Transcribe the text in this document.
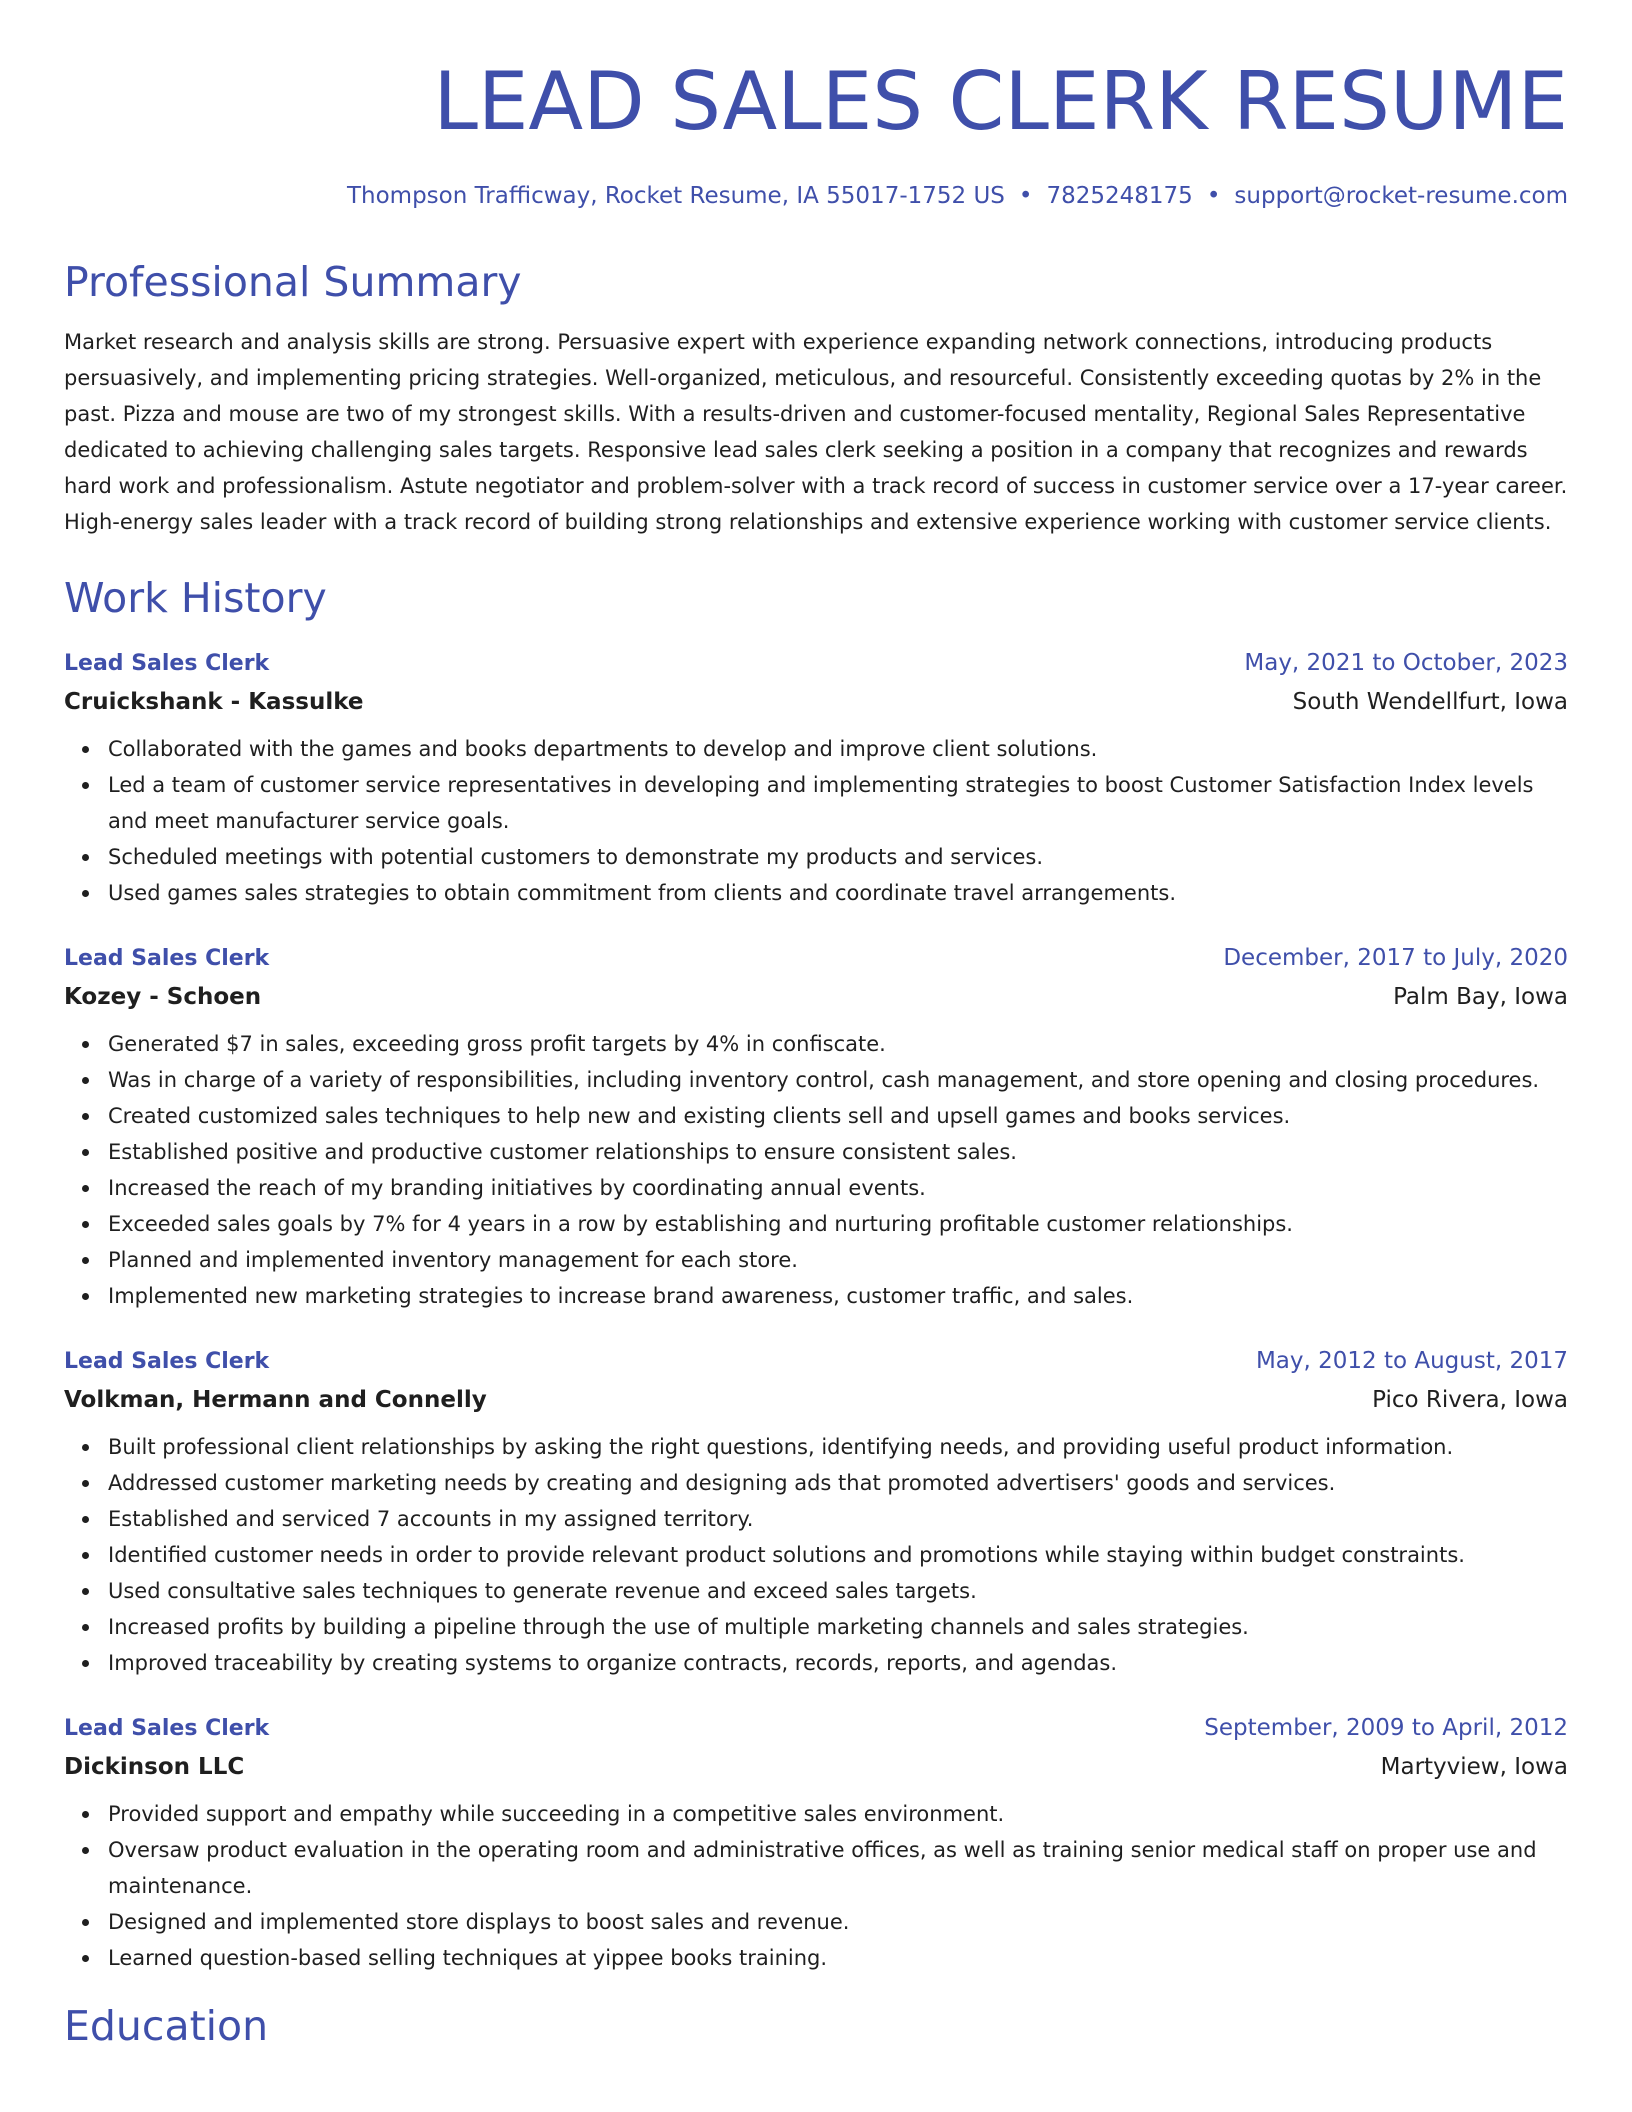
LEAD SALES CLERK RESUME
Thompson Trafficway, Rocket Resume, IA 55017-1752 US • 7825248175 • support@rocket-resume.com
Professional Summary
Market research and analysis skills are strong. Persuasive expert with experience expanding network connections, introducing products persuasively, and implementing pricing strategies. Well-organized, meticulous, and resourceful. Consistently exceeding quotas by 2% in the past. Pizza and mouse are two of my strongest skills. With a results-driven and customer-focused mentality, Regional Sales Representative dedicated to achieving challenging sales targets. Responsive lead sales clerk seeking a position in a company that recognizes and rewards hard work and professionalism. Astute negotiator and problem-solver with a track record of success in customer service over a 17-year career. High-energy sales leader with a track record of building strong relationships and extensive experience working with customer service clients.
Work History
Lead Sales Clerk	May, 2021 to October, 2023
Cruickshank - Kassulke	South Wendellfurt, Iowa
Collaborated with the games and books departments to develop and improve client solutions.
Led a team of customer service representatives in developing and implementing strategies to boost Customer Satisfaction Index levels and meet manufacturer service goals.
Scheduled meetings with potential customers to demonstrate my products and services.
Used games sales strategies to obtain commitment from clients and coordinate travel arrangements.
Lead Sales Clerk	December, 2017 to July, 2020
Kozey - Schoen	Palm Bay, Iowa
Generated $7 in sales, exceeding gross profit targets by 4% in confiscate.
Was in charge of a variety of responsibilities, including inventory control, cash management, and store opening and closing procedures.
Created customized sales techniques to help new and existing clients sell and upsell games and books services.
Established positive and productive customer relationships to ensure consistent sales.
Increased the reach of my branding initiatives by coordinating annual events.
Exceeded sales goals by 7% for 4 years in a row by establishing and nurturing profitable customer relationships.
Planned and implemented inventory management for each store.
Implemented new marketing strategies to increase brand awareness, customer traffic, and sales.
Lead Sales Clerk	May, 2012 to August, 2017
Volkman, Hermann and Connelly	Pico Rivera, Iowa
Built professional client relationships by asking the right questions, identifying needs, and providing useful product information.
Addressed customer marketing needs by creating and designing ads that promoted advertisers' goods and services.
Established and serviced 7 accounts in my assigned territory.
Identified customer needs in order to provide relevant product solutions and promotions while staying within budget constraints.
Used consultative sales techniques to generate revenue and exceed sales targets.
Increased profits by building a pipeline through the use of multiple marketing channels and sales strategies.
Improved traceability by creating systems to organize contracts, records, reports, and agendas.
Lead Sales Clerk	September, 2009 to April, 2012
Dickinson LLC	Martyview, Iowa
Provided support and empathy while succeeding in a competitive sales environment.
Oversaw product evaluation in the operating room and administrative offices, as well as training senior medical staff on proper use and maintenance.
Designed and implemented store displays to boost sales and revenue.
Learned question-based selling techniques at yippee books training.
Education
